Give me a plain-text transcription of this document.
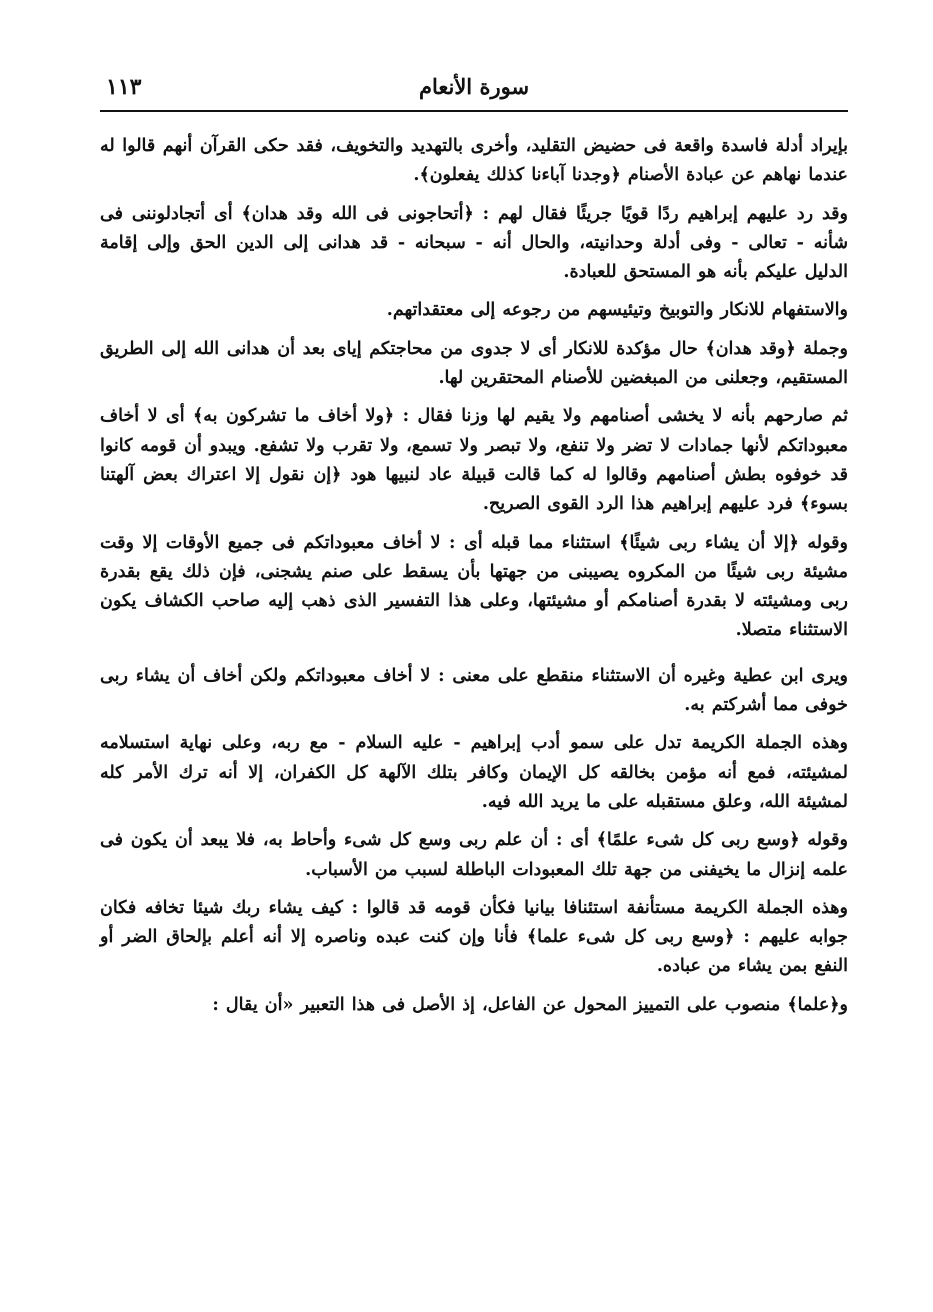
سورة الأنعام
١١٣

بإيراد أدلة فاسدة واقعة فى حضيض التقليد، وأخرى بالتهديد والتخويف، فقد حكى القرآن أنهم قالوا له عندما نهاهم عن عبادة الأصنام ﴿وجدنا آباءنا كذلك يفعلون﴾.

وقد رد عليهم إبراهيم ردًا قويًا جريئًا فقال لهم : ﴿أتحاجونى فى الله وقد هدان﴾ أى أتجادلوننى فى شأنه - تعالى - وفى أدلة وحدانيته، والحال أنه - سبحانه - قد هدانى إلى الدين الحق وإلى إقامة الدليل عليكم بأنه هو المستحق للعبادة.

والاستفهام للانكار والتوبيخ وتيئيسهم من رجوعه إلى معتقداتهم.

وجملة ﴿وقد هدان﴾ حال مؤكدة للانكار أى لا جدوى من محاجتكم إياى بعد أن هدانى الله إلى الطريق المستقيم، وجعلنى من المبغضين للأصنام المحتقرين لها.

ثم صارحهم بأنه لا يخشى أصنامهم ولا يقيم لها وزنا فقال : ﴿ولا أخاف ما تشركون به﴾ أى لا أخاف معبوداتكم لأنها جمادات لا تضر ولا تنفع، ولا تبصر ولا تسمع، ولا تقرب ولا تشفع. ويبدو أن قومه كانوا قد خوفوه بطش أصنامهم وقالوا له كما قالت قبيلة عاد لنبيها هود ﴿إن نقول إلا اعتراك بعض آلهتنا بسوء﴾ فرد عليهم إبراهيم هذا الرد القوى الصريح.

وقوله ﴿إلا أن يشاء ربى شيئًا﴾ استثناء مما قبله أى : لا أخاف معبوداتكم فى جميع الأوقات إلا وقت مشيئة ربى شيئًا من المكروه يصيبنى من جهتها بأن يسقط على صنم يشجنى، فإن ذلك يقع بقدرة ربى ومشيئته لا بقدرة أصنامكم أو مشيئتها، وعلى هذا التفسير الذى ذهب إليه صاحب الكشاف يكون الاستثناء متصلا.

ويرى ابن عطية وغيره أن الاستثناء منقطع على معنى : لا أخاف معبوداتكم ولكن أخاف أن يشاء ربى خوفى مما أشركتم به.

وهذه الجملة الكريمة تدل على سمو أدب إبراهيم - عليه السلام - مع ربه، وعلى نهاية استسلامه لمشيئته، فمع أنه مؤمن بخالقه كل الإيمان وكافر بتلك الآلهة كل الكفران، إلا أنه ترك الأمر كله لمشيئة الله، وعلق مستقبله على ما يريد الله فيه.

وقوله ﴿وسع ربى كل شىء علمًا﴾ أى : أن علم ربى وسع كل شىء وأحاط به، فلا يبعد أن يكون فى علمه إنزال ما يخيفنى من جهة تلك المعبودات الباطلة لسبب من الأسباب.

وهذه الجملة الكريمة مستأنفة استئنافا بيانيا فكأن قومه قد قالوا : كيف يشاء ربك شيئا تخافه فكان جوابه عليهم : ﴿وسع ربى كل شىء علما﴾ فأنا وإن كنت عبده وناصره إلا أنه أعلم بإلحاق الضر أو النفع بمن يشاء من عباده.

و﴿علما﴾ منصوب على التمييز المحول عن الفاعل، إذ الأصل فى هذا التعبير «أن يقال :
